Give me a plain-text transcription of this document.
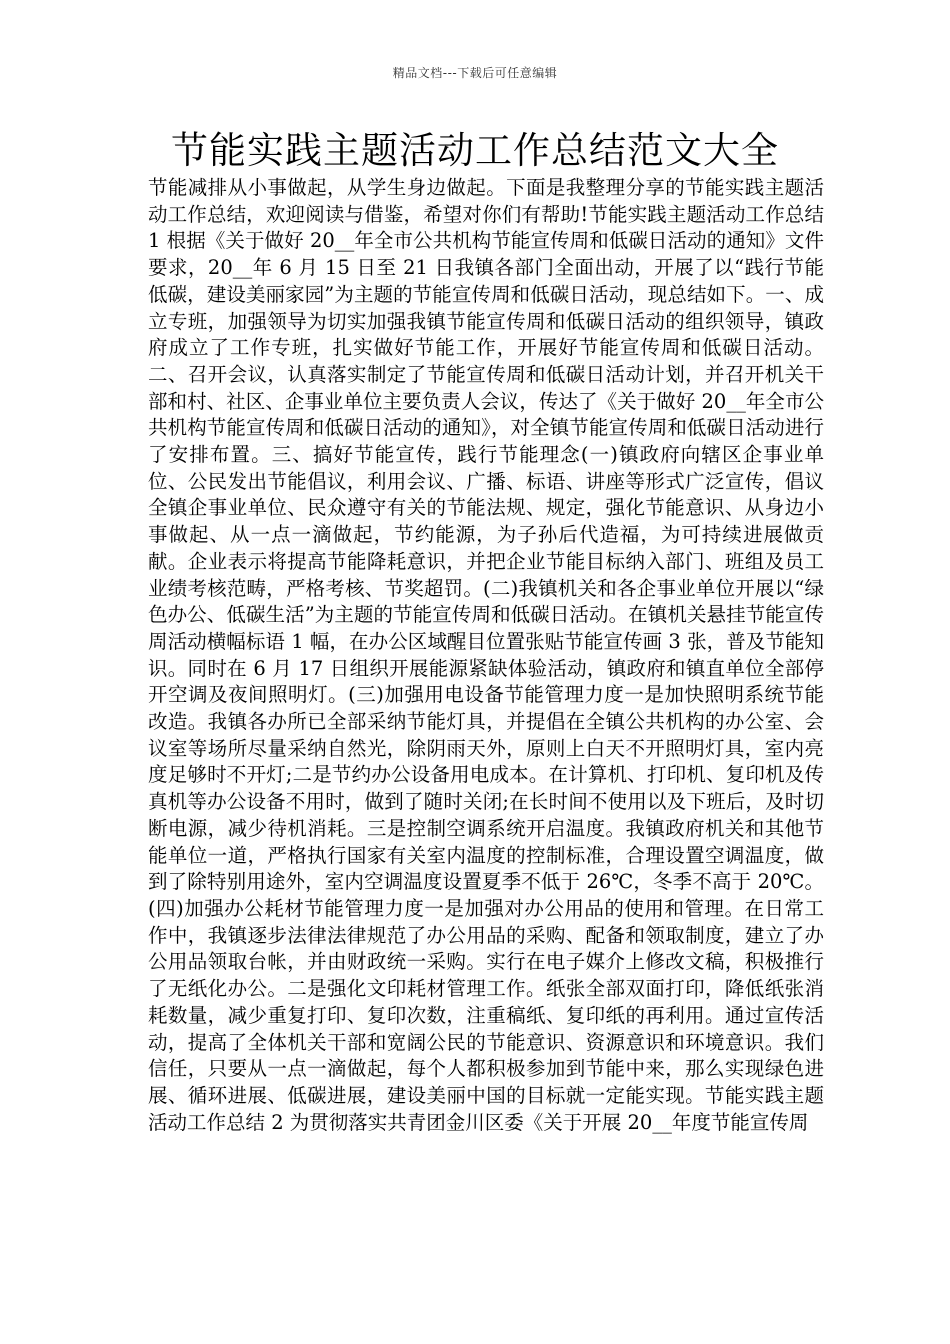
精品文档---下载后可任意编辑
节能实践主题活动工作总结范文大全

节能减排从小事做起，从学生身边做起。下面是我整理分享的节能实践主题活动工作总结，欢迎阅读与借鉴，希望对你们有帮助!节能实践主题活动工作总结 1 根据《关于做好 20__年全市公共机构节能宣传周和低碳日活动的通知》文件要求，20__年 6 月 15 日至 21 日我镇各部门全面出动，开展了以“践行节能低碳，建设美丽家园”为主题的节能宣传周和低碳日活动，现总结如下。一、成立专班，加强领导为切实加强我镇节能宣传周和低碳日活动的组织领导，镇政府成立了工作专班，扎实做好节能工作，开展好节能宣传周和低碳日活动。二、召开会议，认真落实制定了节能宣传周和低碳日活动计划，并召开机关干部和村、社区、企事业单位主要负责人会议，传达了《关于做好 20__年全市公共机构节能宣传周和低碳日活动的通知》，对全镇节能宣传周和低碳日活动进行了安排布置。三、搞好节能宣传，践行节能理念(一)镇政府向辖区企事业单位、公民发出节能倡议，利用会议、广播、标语、讲座等形式广泛宣传，倡议全镇企事业单位、民众遵守有关的节能法规、规定，强化节能意识、从身边小事做起、从一点一滴做起，节约能源，为子孙后代造福，为可持续进展做贡献。企业表示将提高节能降耗意识，并把企业节能目标纳入部门、班组及员工业绩考核范畴，严格考核、节奖超罚。(二)我镇机关和各企事业单位开展以“绿色办公、低碳生活”为主题的节能宣传周和低碳日活动。在镇机关悬挂节能宣传周活动横幅标语 1 幅，在办公区域醒目位置张贴节能宣传画 3 张，普及节能知识。同时在 6 月 17 日组织开展能源紧缺体验活动，镇政府和镇直单位全部停开空调及夜间照明灯。(三)加强用电设备节能管理力度一是加快照明系统节能改造。我镇各办所已全部采纳节能灯具，并提倡在全镇公共机构的办公室、会议室等场所尽量采纳自然光，除阴雨天外，原则上白天不开照明灯具，室内亮度足够时不开灯;二是节约办公设备用电成本。在计算机、打印机、复印机及传真机等办公设备不用时，做到了随时关闭;在长时间不使用以及下班后，及时切断电源，减少待机消耗。三是控制空调系统开启温度。我镇政府机关和其他节能单位一道，严格执行国家有关室内温度的控制标准，合理设置空调温度，做到了除特别用途外，室内空调温度设置夏季不低于 26℃，冬季不高于 20℃。(四)加强办公耗材节能管理力度一是加强对办公用品的使用和管理。在日常工作中，我镇逐步法律法律规范了办公用品的采购、配备和领取制度，建立了办公用品领取台帐，并由财政统一采购。实行在电子媒介上修改文稿，积极推行了无纸化办公。二是强化文印耗材管理工作。纸张全部双面打印，降低纸张消耗数量，减少重复打印、复印次数，注重稿纸、复印纸的再利用。通过宣传活动，提高了全体机关干部和宽阔公民的节能意识、资源意识和环境意识。我们信任，只要从一点一滴做起，每个人都积极参加到节能中来，那么实现绿色进展、循环进展、低碳进展，建设美丽中国的目标就一定能实现。节能实践主题活动工作总结 2 为贯彻落实共青团金川区委《关于开展 20__年度节能宣传周
